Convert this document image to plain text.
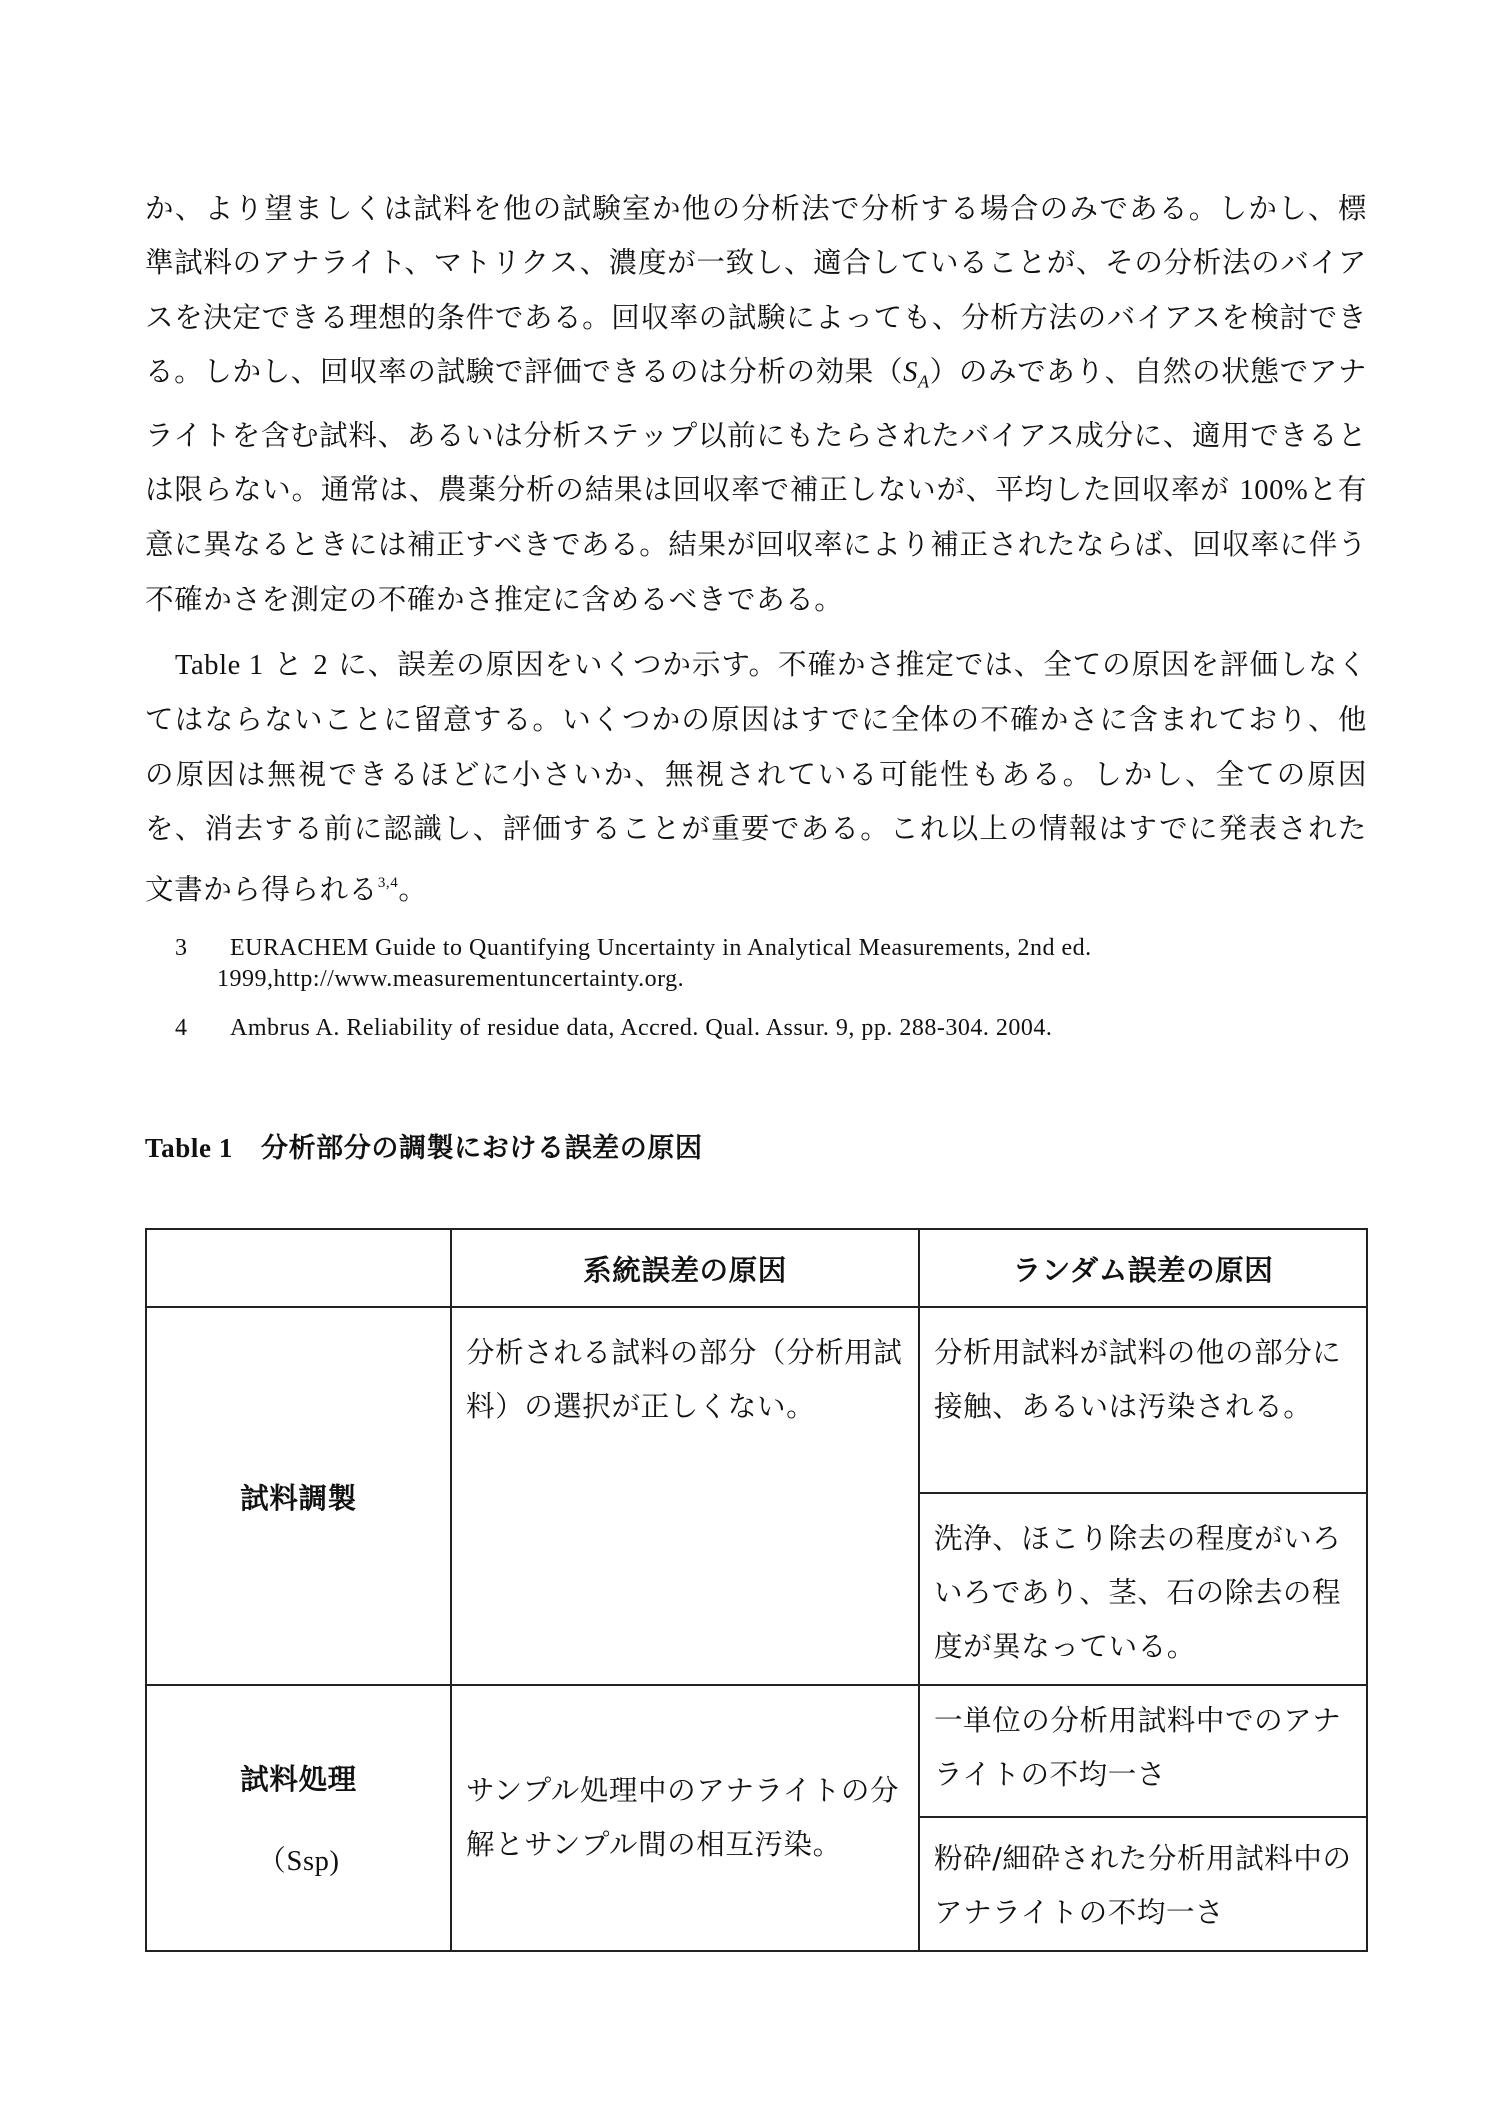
か、より望ましくは試料を他の試験室か他の分析法で分析する場合のみである。しかし、標準試料のアナライト、マトリクス、濃度が一致し、適合していることが、その分析法のバイアスを決定できる理想的条件である。回収率の試験によっても、分析方法のバイアスを検討できる。しかし、回収率の試験で評価できるのは分析の効果$(S_A)$のみであり、自然の状態でアナライトを含む試料、あるいは分析ステップ以前にもたらされたバイアス成分に、適用できるとは限らない。通常は、農薬分析の結果は回収率で補正しないが、平均した回収率が 100%と有意に異なるときには補正すべきである。結果が回収率により補正されたならば、回収率に伴う不確かさを測定の不確かさ推定に含めるべきである。

Table 1 と 2 に、誤差の原因をいくつか示す。不確かさ推定では、全ての原因を評価しなくてはならないことに留意する。いくつかの原因はすでに全体の不確かさに含まれており、他の原因は無視できるほどに小さいか、無視されている可能性もある。しかし、全ての原因を、消去する前に認識し、評価することが重要である。これ以上の情報はすでに発表された文書から得られる$^{3,4}$。

3	EURACHEM Guide to Quantifying Uncertainty in Analytical Measurements, 2nd ed.
1999,http://www.measurementuncertainty.org.

4	Ambrus A. Reliability of residue data, Accred. Qual. Assur. 9, pp. 288-304. 2004.

Table 1 分析部分の調製における誤差の原因

	系統誤差の原因	ランダム誤差の原因
試料調製	分析される試料の部分（分析用試料）の選択が正しくない。	分析用試料が試料の他の部分に接触、あるいは汚染される。
		洗浄、ほこり除去の程度がいろいろであり、茎、石の除去の程度が異なっている。
試料処理
（Ssp)	サンプル処理中のアナライトの分解とサンプル間の相互汚染。	一単位の分析用試料中でのアナライトの不均一さ
		粉砕/細砕された分析用試料中のアナライトの不均一さ
